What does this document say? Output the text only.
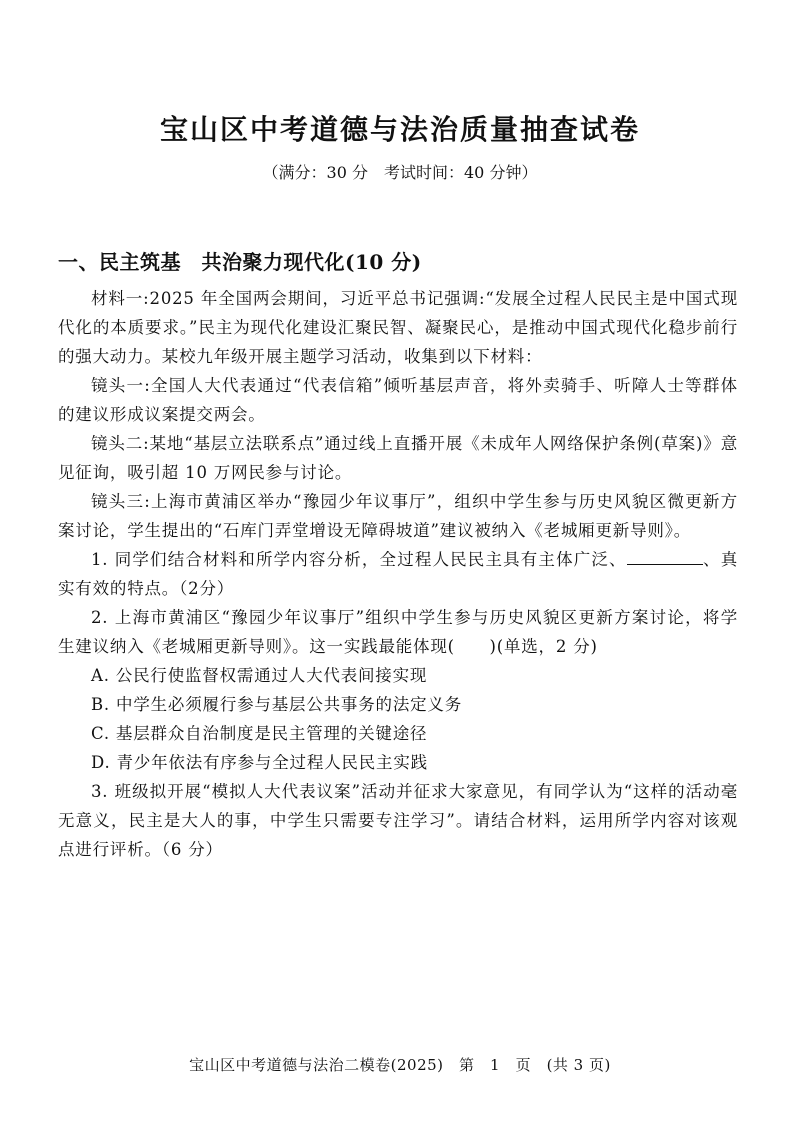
宝山区中考道德与法治质量抽查试卷
（满分：30 分　考试时间：40 分钟）
一、民主筑基　共治聚力现代化(10 分)

材料一:2025 年全国两会期间，习近平总书记强调:“发展全过程人民民主是中国式现代化的本质要求。”民主为现代化建设汇聚民智、凝聚民心，是推动中国式现代化稳步前行的强大动力。某校九年级开展主题学习活动，收集到以下材料：

镜头一:全国人大代表通过“代表信箱”倾听基层声音，将外卖骑手、听障人士等群体的建议形成议案提交两会。

镜头二:某地“基层立法联系点”通过线上直播开展《未成年人网络保护条例(草案)》意见征询，吸引超 10 万网民参与讨论。

镜头三:上海市黄浦区举办“豫园少年议事厅”，组织中学生参与历史风貌区微更新方案讨论，学生提出的“石库门弄堂增设无障碍坡道”建议被纳入《老城厢更新导则》。

1. 同学们结合材料和所学内容分析，全过程人民民主具有主体广泛、	、真实有效的特点。（2分）

2. 上海市黄浦区“豫园少年议事厅”组织中学生参与历史风貌区更新方案讨论，将学生建议纳入《老城厢更新导则》。这一实践最能体现(　　)(单选，2 分)

A. 公民行使监督权需通过人大代表间接实现

B. 中学生必须履行参与基层公共事务的法定义务

C. 基层群众自治制度是民主管理的关键途径

D. 青少年依法有序参与全过程人民民主实践

3. 班级拟开展“模拟人大代表议案”活动并征求大家意见，有同学认为“这样的活动毫无意义，民主是大人的事，中学生只需要专注学习”。请结合材料，运用所学内容对该观点进行评析。（6 分）

宝山区中考道德与法治二模卷(2025)　第　1　页　(共 3 页)
